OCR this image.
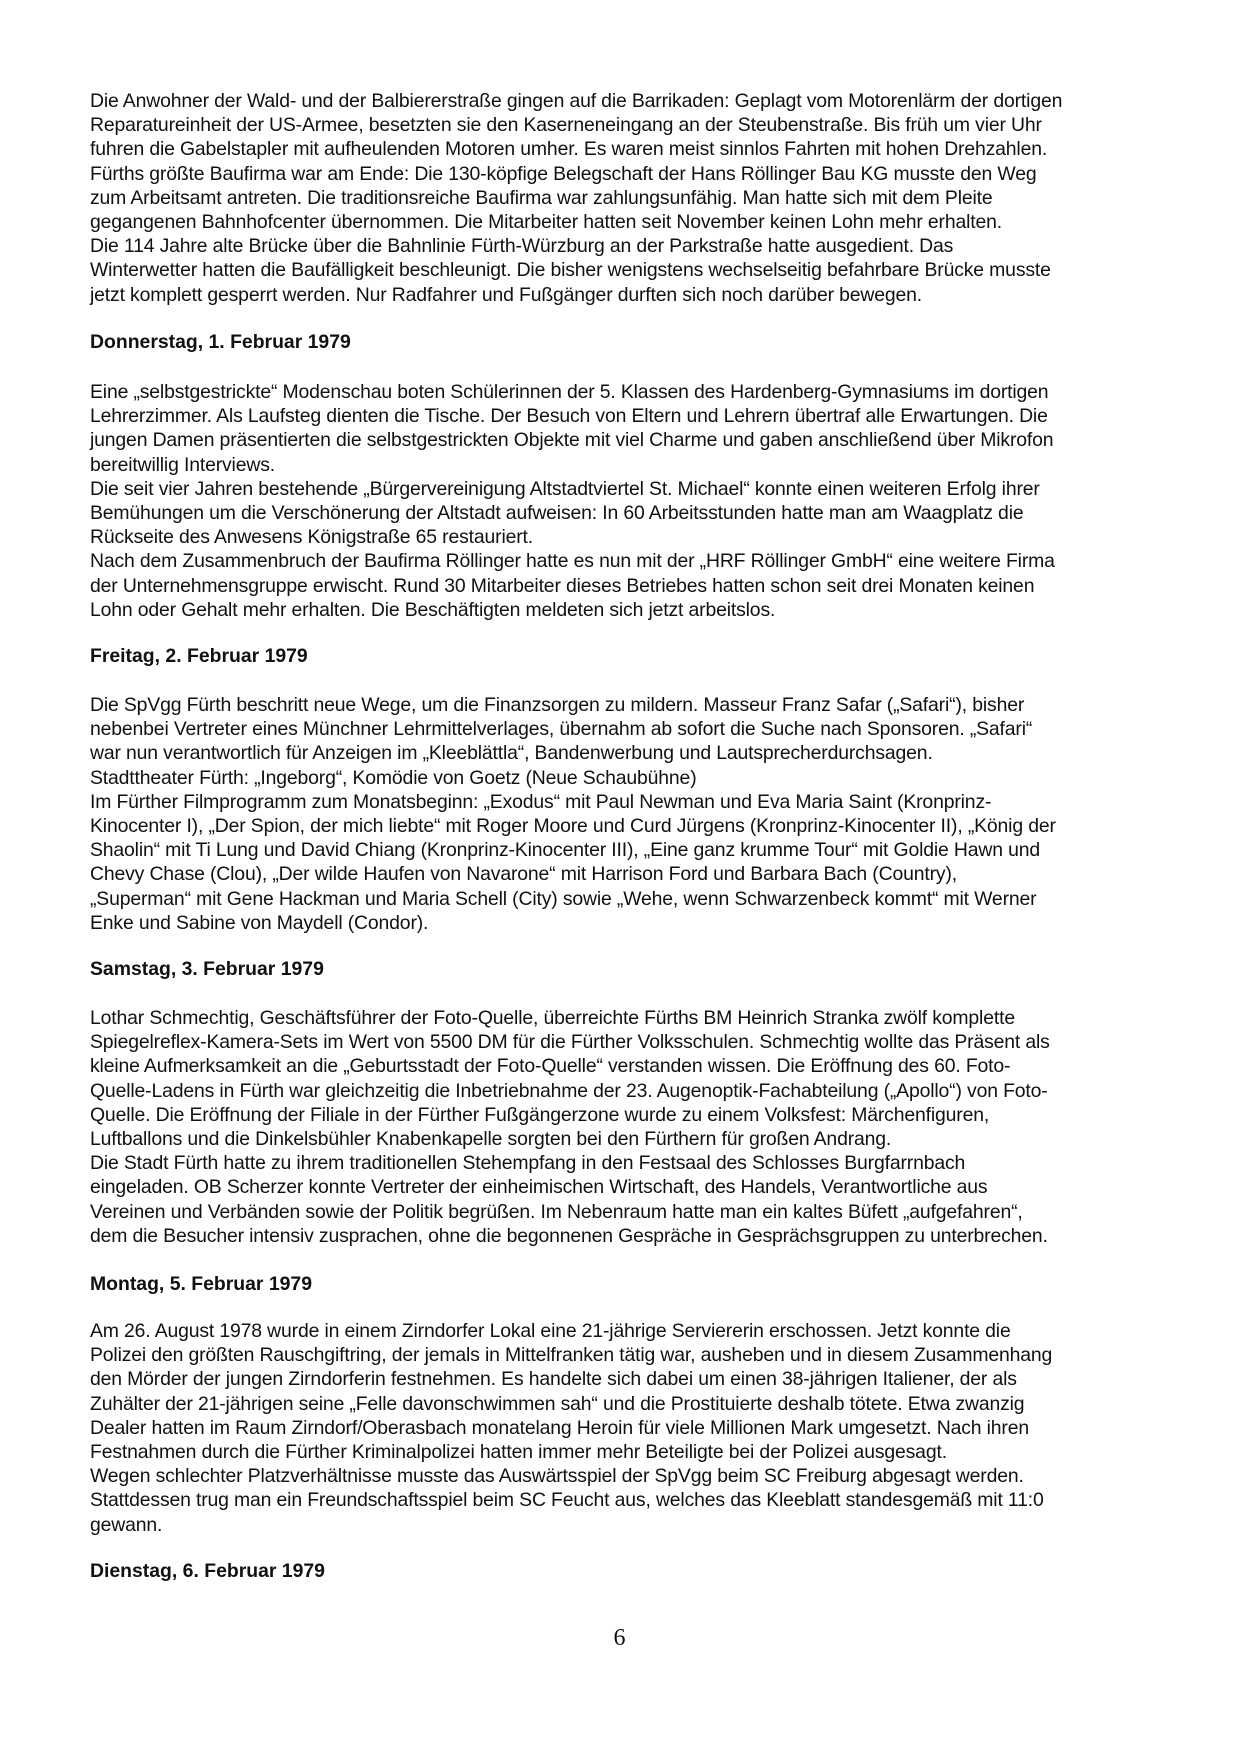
Die Anwohner der Wald- und der Balbiererstraße gingen auf die Barrikaden: Geplagt vom Motorenlärm der dortigen
Reparatureinheit der US-Armee, besetzten sie den Kaserneneingang an der Steubenstraße. Bis früh um vier Uhr
fuhren die Gabelstapler mit aufheulenden Motoren umher. Es waren meist sinnlos Fahrten mit hohen Drehzahlen.
Fürths größte Baufirma war am Ende: Die 130-köpfige Belegschaft der Hans Röllinger Bau KG musste den Weg
zum Arbeitsamt antreten. Die traditionsreiche Baufirma war zahlungsunfähig. Man hatte sich mit dem Pleite
gegangenen Bahnhofcenter übernommen. Die Mitarbeiter hatten seit November keinen Lohn mehr erhalten.
Die 114 Jahre alte Brücke über die Bahnlinie Fürth-Würzburg an der Parkstraße hatte ausgedient. Das
Winterwetter hatten die Baufälligkeit beschleunigt. Die bisher wenigstens wechselseitig befahrbare Brücke musste
jetzt komplett gesperrt werden. Nur Radfahrer und Fußgänger durften sich noch darüber bewegen.
Donnerstag, 1. Februar 1979
Eine „selbstgestrickte“ Modenschau boten Schülerinnen der 5. Klassen des Hardenberg-Gymnasiums im dortigen
Lehrerzimmer. Als Laufsteg dienten die Tische. Der Besuch von Eltern und Lehrern übertraf alle Erwartungen. Die
jungen Damen präsentierten die selbstgestrickten Objekte mit viel Charme und gaben anschließend über Mikrofon
bereitwillig Interviews.
Die seit vier Jahren bestehende „Bürgervereinigung Altstadtviertel St. Michael“ konnte einen weiteren Erfolg ihrer
Bemühungen um die Verschönerung der Altstadt aufweisen: In 60 Arbeitsstunden hatte man am Waagplatz die
Rückseite des Anwesens Königstraße 65 restauriert.
Nach dem Zusammenbruch der Baufirma Röllinger hatte es nun mit der „HRF Röllinger GmbH“ eine weitere Firma
der Unternehmensgruppe erwischt. Rund 30 Mitarbeiter dieses Betriebes hatten schon seit drei Monaten keinen
Lohn oder Gehalt mehr erhalten. Die Beschäftigten meldeten sich jetzt arbeitslos.
Freitag, 2. Februar 1979
Die SpVgg Fürth beschritt neue Wege, um die Finanzsorgen zu mildern. Masseur Franz Safar („Safari“), bisher
nebenbei Vertreter eines Münchner Lehrmittelverlages, übernahm ab sofort die Suche nach Sponsoren. „Safari“
war nun verantwortlich für Anzeigen im „Kleeblättla“, Bandenwerbung und Lautsprecherdurchsagen.
Stadttheater Fürth: „Ingeborg“, Komödie von Goetz (Neue Schaubühne)
Im Fürther Filmprogramm zum Monatsbeginn: „Exodus“ mit Paul Newman und Eva Maria Saint (Kronprinz-
Kinocenter I), „Der Spion, der mich liebte“ mit Roger Moore und Curd Jürgens (Kronprinz-Kinocenter II), „König der
Shaolin“ mit Ti Lung und David Chiang (Kronprinz-Kinocenter III), „Eine ganz krumme Tour“ mit Goldie Hawn und
Chevy Chase (Clou), „Der wilde Haufen von Navarone“ mit Harrison Ford und Barbara Bach (Country),
„Superman“ mit Gene Hackman und Maria Schell (City) sowie „Wehe, wenn Schwarzenbeck kommt“ mit Werner
Enke und Sabine von Maydell (Condor).
Samstag, 3. Februar 1979
Lothar Schmechtig, Geschäftsführer der Foto-Quelle, überreichte Fürths BM Heinrich Stranka zwölf komplette
Spiegelreflex-Kamera-Sets im Wert von 5500 DM für die Fürther Volksschulen. Schmechtig wollte das Präsent als
kleine Aufmerksamkeit an die „Geburtsstadt der Foto-Quelle“ verstanden wissen. Die Eröffnung des 60. Foto-
Quelle-Ladens in Fürth war gleichzeitig die Inbetriebnahme der 23. Augenoptik-Fachabteilung („Apollo“) von Foto-
Quelle. Die Eröffnung der Filiale in der Fürther Fußgängerzone wurde zu einem Volksfest: Märchenfiguren,
Luftballons und die Dinkelsbühler Knabenkapelle sorgten bei den Fürthern für großen Andrang.
Die Stadt Fürth hatte zu ihrem traditionellen Stehempfang in den Festsaal des Schlosses Burgfarrnbach
eingeladen. OB Scherzer konnte Vertreter der einheimischen Wirtschaft, des Handels, Verantwortliche aus
Vereinen und Verbänden sowie der Politik begrüßen. Im Nebenraum hatte man ein kaltes Büfett „aufgefahren“,
dem die Besucher intensiv zusprachen, ohne die begonnenen Gespräche in Gesprächsgruppen zu unterbrechen.
Montag, 5. Februar 1979
Am 26. August 1978 wurde in einem Zirndorfer Lokal eine 21-jährige Serviererin erschossen. Jetzt konnte die
Polizei den größten Rauschgiftring, der jemals in Mittelfranken tätig war, ausheben und in diesem Zusammenhang
den Mörder der jungen Zirndorferin festnehmen. Es handelte sich dabei um einen 38-jährigen Italiener, der als
Zuhälter der 21-jährigen seine „Felle davonschwimmen sah“ und die Prostituierte deshalb tötete. Etwa zwanzig
Dealer hatten im Raum Zirndorf/Oberasbach monatelang Heroin für viele Millionen Mark umgesetzt. Nach ihren
Festnahmen durch die Fürther Kriminalpolizei hatten immer mehr Beteiligte bei der Polizei ausgesagt.
Wegen schlechter Platzverhältnisse musste das Auswärtsspiel der SpVgg beim SC Freiburg abgesagt werden.
Stattdessen trug man ein Freundschaftsspiel beim SC Feucht aus, welches das Kleeblatt standesgemäß mit 11:0
gewann.
Dienstag, 6. Februar 1979
6
